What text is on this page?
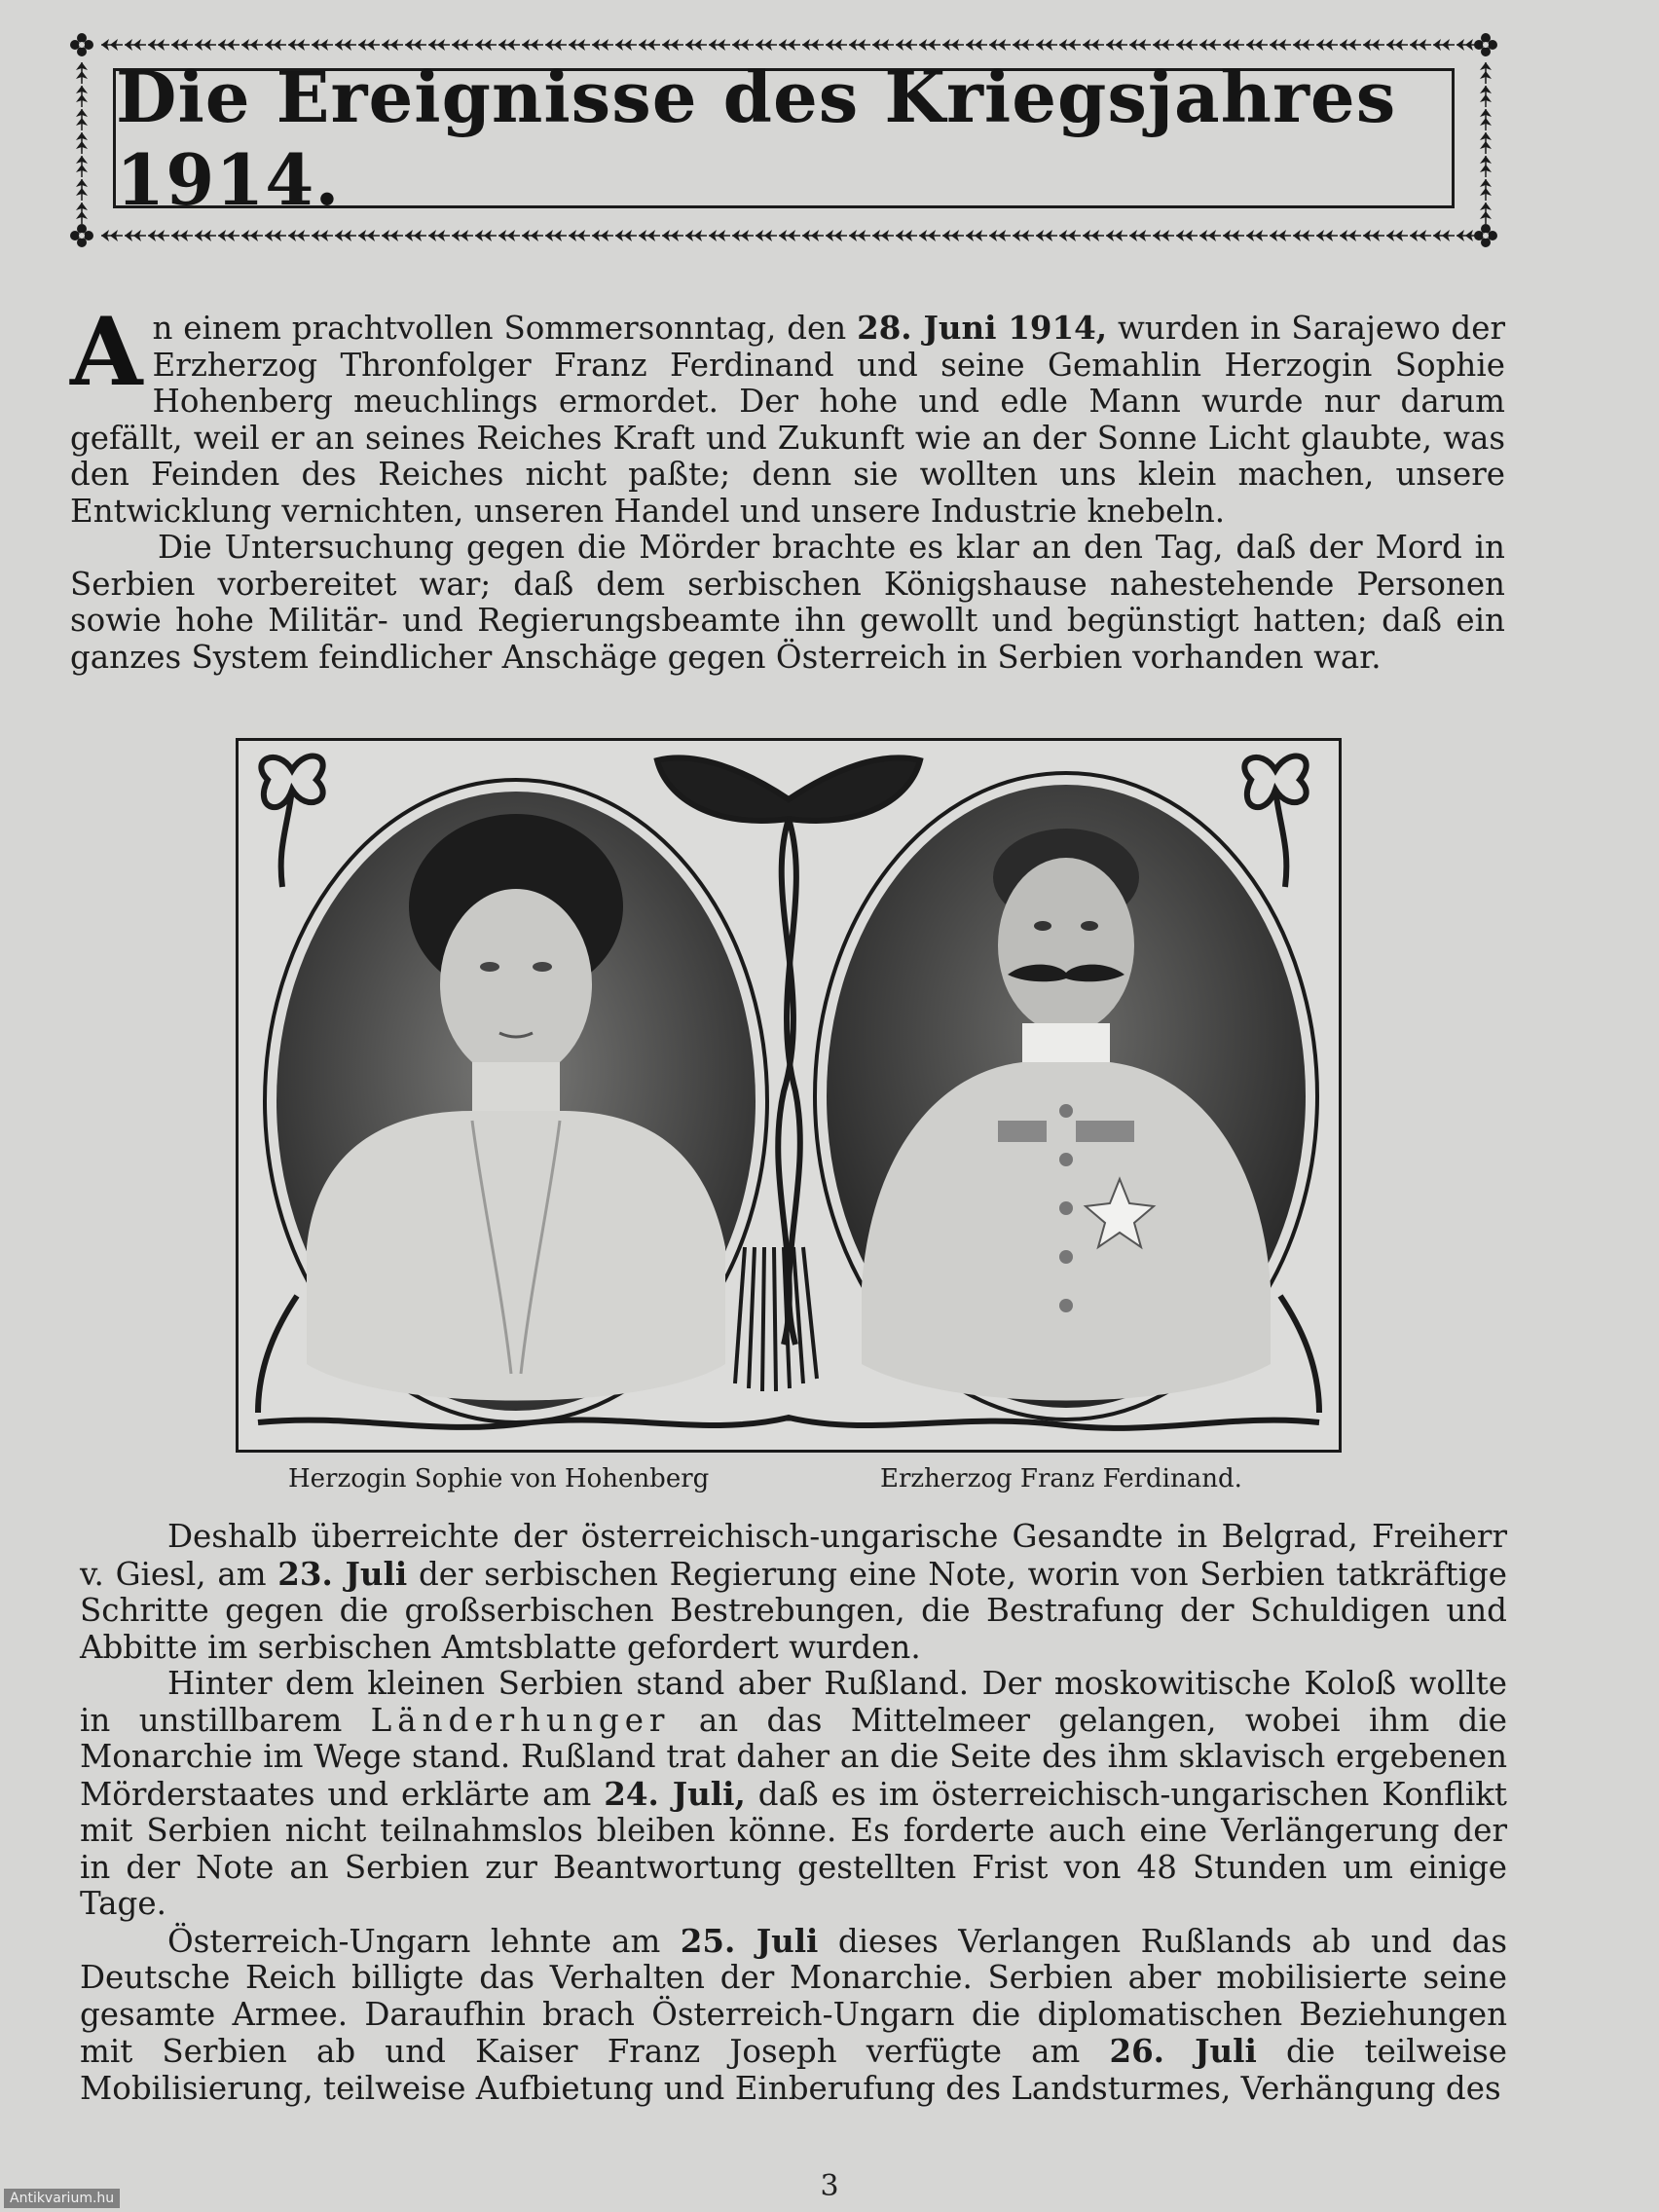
Die Ereignisse des Kriegsjahres 1914.

An einem prachtvollen Sommersonntag, den 28. Juni 1914, wurden in Sarajewo der Erzherzog Thronfolger Franz Ferdinand und seine Gemahlin Herzogin Sophie Hohenberg meuchlings ermordet. Der hohe und edle Mann wurde nur darum gefällt, weil er an seines Reiches Kraft und Zukunft wie an der Sonne Licht glaubte, was den Feinden des Reiches nicht paßte; denn sie wollten uns klein machen, unsere Entwicklung vernichten, unseren Handel und unsere Industrie knebeln.

Die Untersuchung gegen die Mörder brachte es klar an den Tag, daß der Mord in Serbien vorbereitet war; daß dem serbischen Königshause nahestehende Personen sowie hohe Militär- und Regierungsbeamte ihn gewollt und begünstigt hatten; daß ein ganzes System feindlicher Anschäge gegen Österreich in Serbien vorhanden war.

Herzogin Sophie von Hohenberg	Erzherzog Franz Ferdinand.

Deshalb überreichte der österreichisch-ungarische Gesandte in Belgrad, Freiherr v. Giesl, am 23. Juli der serbischen Regierung eine Note, worin von Serbien tatkräftige Schritte gegen die großserbischen Bestrebungen, die Bestrafung der Schuldigen und Abbitte im serbischen Amtsblatte gefordert wurden.

Hinter dem kleinen Serbien stand aber Rußland. Der moskowitische Koloß wollte in unstillbarem Länderhunger an das Mittelmeer gelangen, wobei ihm die Monarchie im Wege stand. Rußland trat daher an die Seite des ihm sklavisch ergebenen Mörderstaates und erklärte am 24. Juli, daß es im österreichisch-ungarischen Konflikt mit Serbien nicht teilnahmslos bleiben könne. Es forderte auch eine Verlängerung der in der Note an Serbien zur Beantwortung gestellten Frist von 48 Stunden um einige Tage.

Österreich-Ungarn lehnte am 25. Juli dieses Verlangen Rußlands ab und das Deutsche Reich billigte das Verhalten der Monarchie. Serbien aber mobilisierte seine gesamte Armee. Daraufhin brach Österreich-Ungarn die diplomatischen Beziehungen mit Serbien ab und Kaiser Franz Joseph verfügte am 26. Juli die teilweise Mobilisierung, teilweise Aufbietung und Einberufung des Landsturmes, Verhängung des

3
Antikvarium.hu
